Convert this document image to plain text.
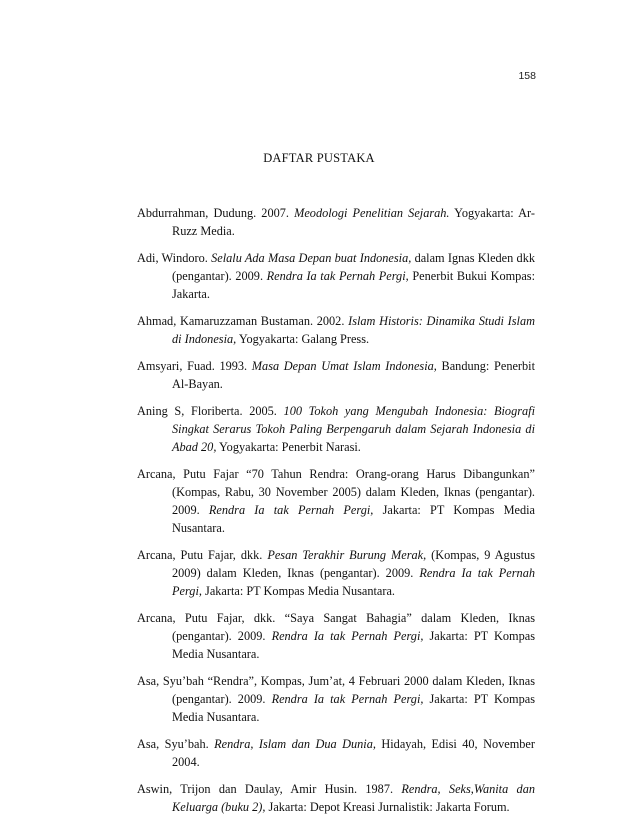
158
DAFTAR PUSTAKA

Abdurrahman, Dudung. 2007. Meodologi Penelitian Sejarah. Yogyakarta: Ar-Ruzz Media.

Adi, Windoro. Selalu Ada Masa Depan buat Indonesia, dalam Ignas Kleden dkk (pengantar). 2009. Rendra Ia tak Pernah Pergi, Penerbit Bukui Kompas: Jakarta.

Ahmad, Kamaruzzaman Bustaman. 2002. Islam Historis: Dinamika Studi Islam di Indonesia, Yogyakarta: Galang Press.

Amsyari, Fuad. 1993. Masa Depan Umat Islam Indonesia, Bandung: Penerbit Al-Bayan.

Aning S, Floriberta. 2005. 100 Tokoh yang Mengubah Indonesia: Biografi Singkat Serarus Tokoh Paling Berpengaruh dalam Sejarah Indonesia di Abad 20, Yogyakarta: Penerbit Narasi.

Arcana, Putu Fajar “70 Tahun Rendra: Orang-orang Harus Dibangunkan” (Kompas, Rabu, 30 November 2005) dalam Kleden, Iknas (pengantar). 2009. Rendra Ia tak Pernah Pergi, Jakarta: PT Kompas Media Nusantara.

Arcana, Putu Fajar, dkk. Pesan Terakhir Burung Merak, (Kompas, 9 Agustus 2009) dalam Kleden, Iknas (pengantar). 2009. Rendra Ia tak Pernah Pergi, Jakarta: PT Kompas Media Nusantara.

Arcana, Putu Fajar, dkk. “Saya Sangat Bahagia” dalam Kleden, Iknas (pengantar). 2009. Rendra Ia tak Pernah Pergi, Jakarta: PT Kompas Media Nusantara.

Asa, Syu’bah “Rendra”, Kompas, Jum’at, 4 Februari 2000 dalam Kleden, Iknas (pengantar). 2009. Rendra Ia tak Pernah Pergi, Jakarta: PT Kompas Media Nusantara.

Asa, Syu’bah. Rendra, Islam dan Dua Dunia, Hidayah, Edisi 40, November 2004.

Aswin, Trijon dan Daulay, Amir Husin. 1987. Rendra, Seks,Wanita dan Keluarga (buku 2), Jakarta: Depot Kreasi Jurnalistik: Jakarta Forum.
